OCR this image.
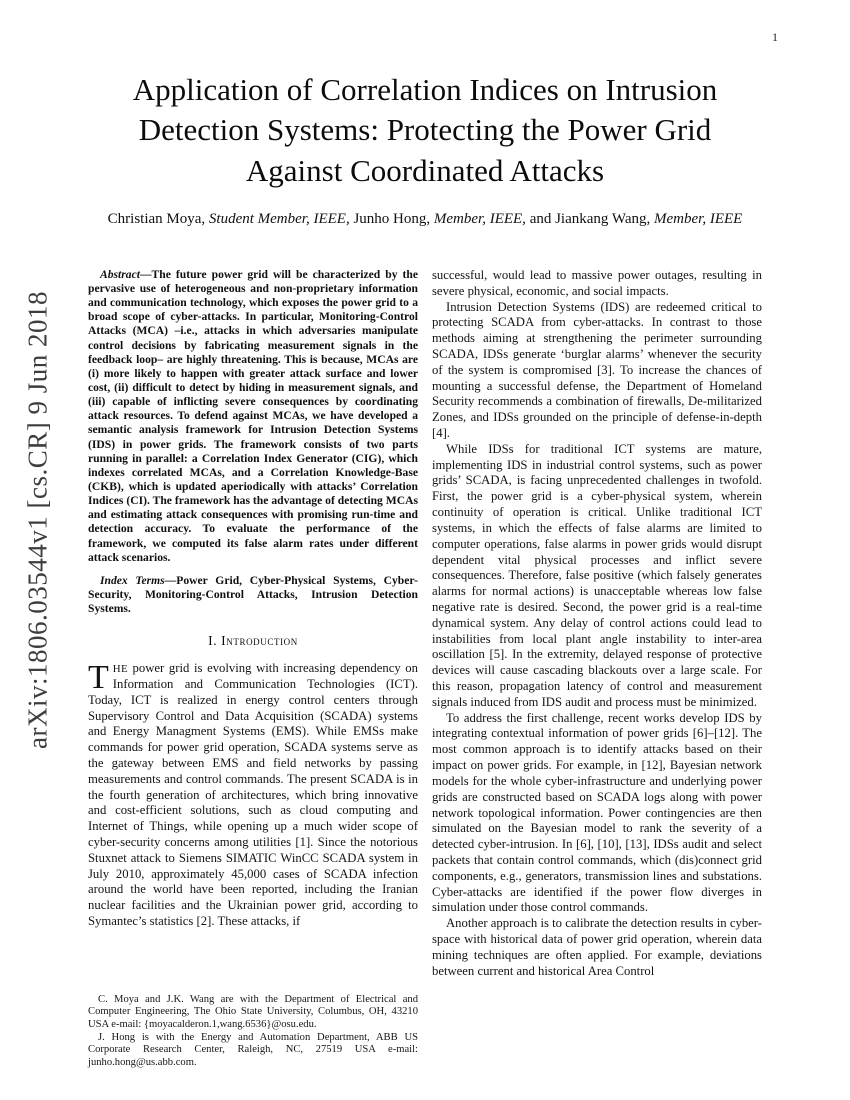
1
arXiv:1806.03544v1 [cs.CR] 9 Jun 2018
Application of Correlation Indices on Intrusion Detection Systems: Protecting the Power Grid Against Coordinated Attacks
Christian Moya, Student Member, IEEE, Junho Hong, Member, IEEE, and Jiankang Wang, Member, IEEE

Abstract—The future power grid will be characterized by the pervasive use of heterogeneous and non-proprietary information and communication technology, which exposes the power grid to a broad scope of cyber-attacks. In particular, Monitoring-Control Attacks (MCA) –i.e., attacks in which adversaries manipulate control decisions by fabricating measurement signals in the feedback loop– are highly threatening. This is because, MCAs are (i) more likely to happen with greater attack surface and lower cost, (ii) difficult to detect by hiding in measurement signals, and (iii) capable of inflicting severe consequences by coordinating attack resources. To defend against MCAs, we have developed a semantic analysis framework for Intrusion Detection Systems (IDS) in power grids. The framework consists of two parts running in parallel: a Correlation Index Generator (CIG), which indexes correlated MCAs, and a Correlation Knowledge-Base (CKB), which is updated aperiodically with attacks’ Correlation Indices (CI). The framework has the advantage of detecting MCAs and estimating attack consequences with promising run-time and detection accuracy. To evaluate the performance of the framework, we computed its false alarm rates under different attack scenarios.

Index Terms—Power Grid, Cyber-Physical Systems, Cyber-Security, Monitoring-Control Attacks, Intrusion Detection Systems.

I. Introduction

THE power grid is evolving with increasing dependency on Information and Communication Technologies (ICT). Today, ICT is realized in energy control centers through Supervisory Control and Data Acquisition (SCADA) systems and Energy Managment Systems (EMS). While EMSs make commands for power grid operation, SCADA systems serve as the gateway between EMS and field networks by passing measurements and control commands. The present SCADA is in the fourth generation of architectures, which bring innovative and cost-efficient solutions, such as cloud computing and Internet of Things, while opening up a much wider scope of cyber-security concerns among utilities [1]. Since the notorious Stuxnet attack to Siemens SIMATIC WinCC SCADA system in July 2010, approximately 45,000 cases of SCADA infection around the world have been reported, including the Iranian nuclear facilities and the Ukrainian power grid, according to Symantec’s statistics [2]. These attacks, if

C. Moya and J.K. Wang are with the Department of Electrical and Computer Engineering, The Ohio State University, Columbus, OH, 43210 USA e-mail: {moyacalderon.1,wang.6536}@osu.edu.

J. Hong is with the Energy and Automation Department, ABB US Corporate Research Center, Raleigh, NC, 27519 USA e-mail: junho.hong@us.abb.com.

successful, would lead to massive power outages, resulting in severe physical, economic, and social impacts.

Intrusion Detection Systems (IDS) are redeemed critical to protecting SCADA from cyber-attacks. In contrast to those methods aiming at strengthening the perimeter surrounding SCADA, IDSs generate ‘burglar alarms’ whenever the security of the system is compromised [3]. To increase the chances of mounting a successful defense, the Department of Homeland Security recommends a combination of firewalls, De-militarized Zones, and IDSs grounded on the principle of defense-in-depth [4].

While IDSs for traditional ICT systems are mature, implementing IDS in industrial control systems, such as power grids’ SCADA, is facing unprecedented challenges in twofold. First, the power grid is a cyber-physical system, wherein continuity of operation is critical. Unlike traditional ICT systems, in which the effects of false alarms are limited to computer operations, false alarms in power grids would disrupt dependent vital physical processes and inflict severe consequences. Therefore, false positive (which falsely generates alarms for normal actions) is unacceptable whereas low false negative rate is desired. Second, the power grid is a real-time dynamical system. Any delay of control actions could lead to instabilities from local plant angle instability to inter-area oscillation [5]. In the extremity, delayed response of protective devices will cause cascading blackouts over a large scale. For this reason, propagation latency of control and measurement signals induced from IDS audit and process must be minimized.

To address the first challenge, recent works develop IDS by integrating contextual information of power grids [6]–[12]. The most common approach is to identify attacks based on their impact on power grids. For example, in [12], Bayesian network models for the whole cyber-infrastructure and underlying power grids are constructed based on SCADA logs along with power network topological information. Power contingencies are then simulated on the Bayesian model to rank the severity of a detected cyber-intrusion. In [6], [10], [13], IDSs audit and select packets that contain control commands, which (dis)connect grid components, e.g., generators, transmission lines and substations. Cyber-attacks are identified if the power flow diverges in simulation under those control commands.

Another approach is to calibrate the detection results in cyber-space with historical data of power grid operation, wherein data mining techniques are often applied. For example, deviations between current and historical Area Control
